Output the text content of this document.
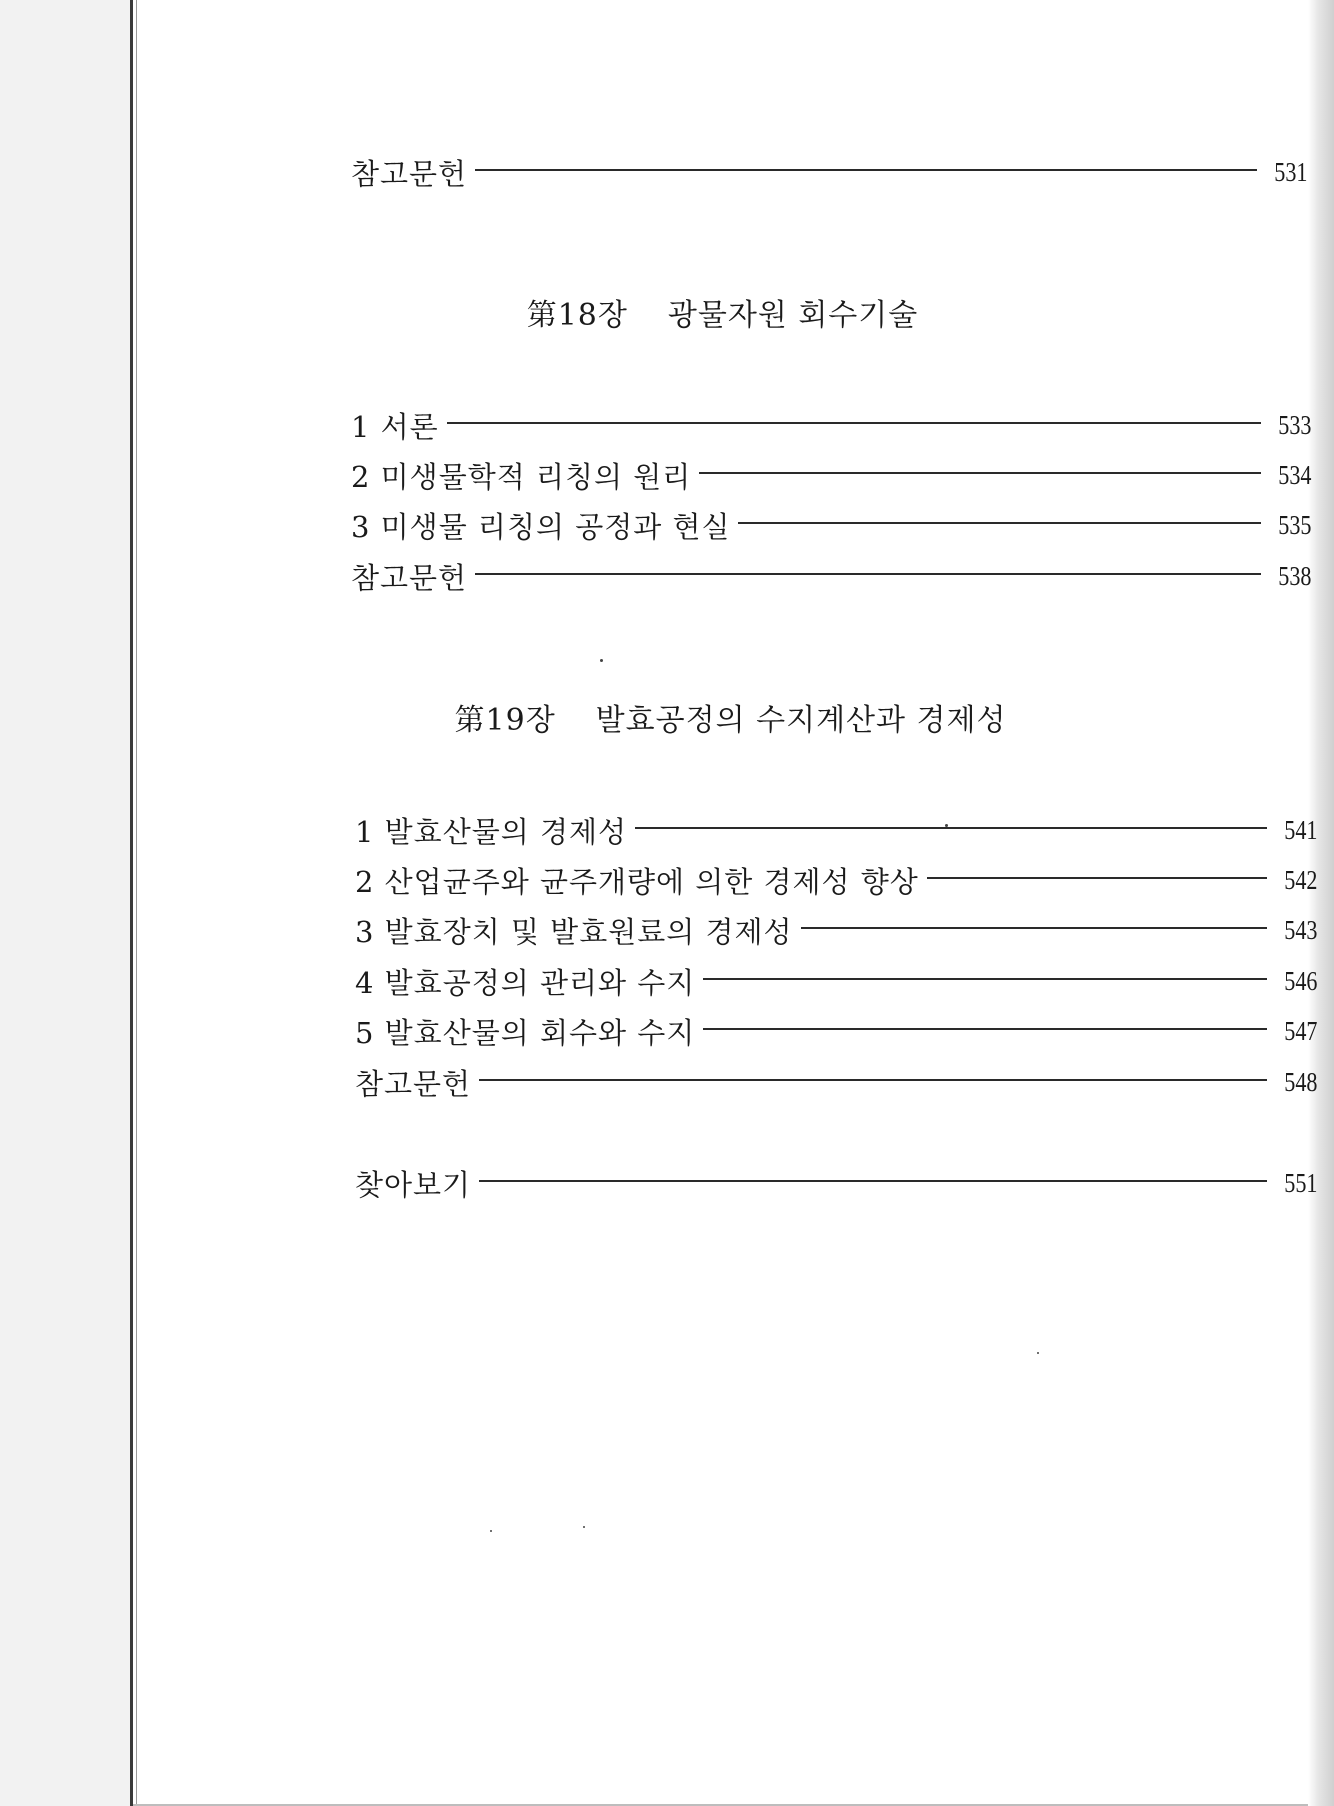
참고문헌	531
第18장 광물자원 회수기술
1 서론	533
2 미생물학적 리칭의 원리	534
3 미생물 리칭의 공정과 현실	535
참고문헌	538
第19장 발효공정의 수지계산과 경제성
1 발효산물의 경제성	541
2 산업균주와 균주개량에 의한 경제성 향상	542
3 발효장치 및 발효원료의 경제성	543
4 발효공정의 관리와 수지	546
5 발효산물의 회수와 수지	547
참고문헌	548
찾아보기	551
